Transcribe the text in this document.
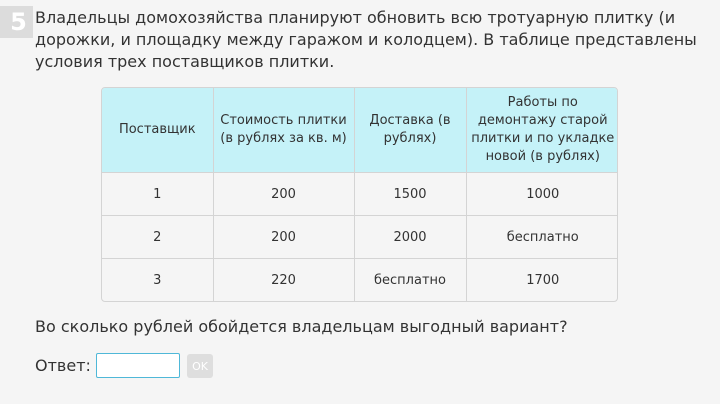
5 Владельцы домохозяйства планируют обновить всю тротуарную плитку (и дорожки, и площадку между гаражом и колодцем). В таблице представлены условия трех поставщиков плитки.
Поставщик	Стоимость плитки (в рублях за кв. м)	Доставка (в рублях)	Работы по демонтажу старой плитки и по укладке новой (в рублях)
1	200	1500	1000
2	200	2000	бесплатно
3	220	бесплатно	1700
Во сколько рублей обойдется владельцам выгодный вариант?
Ответ:	OK
